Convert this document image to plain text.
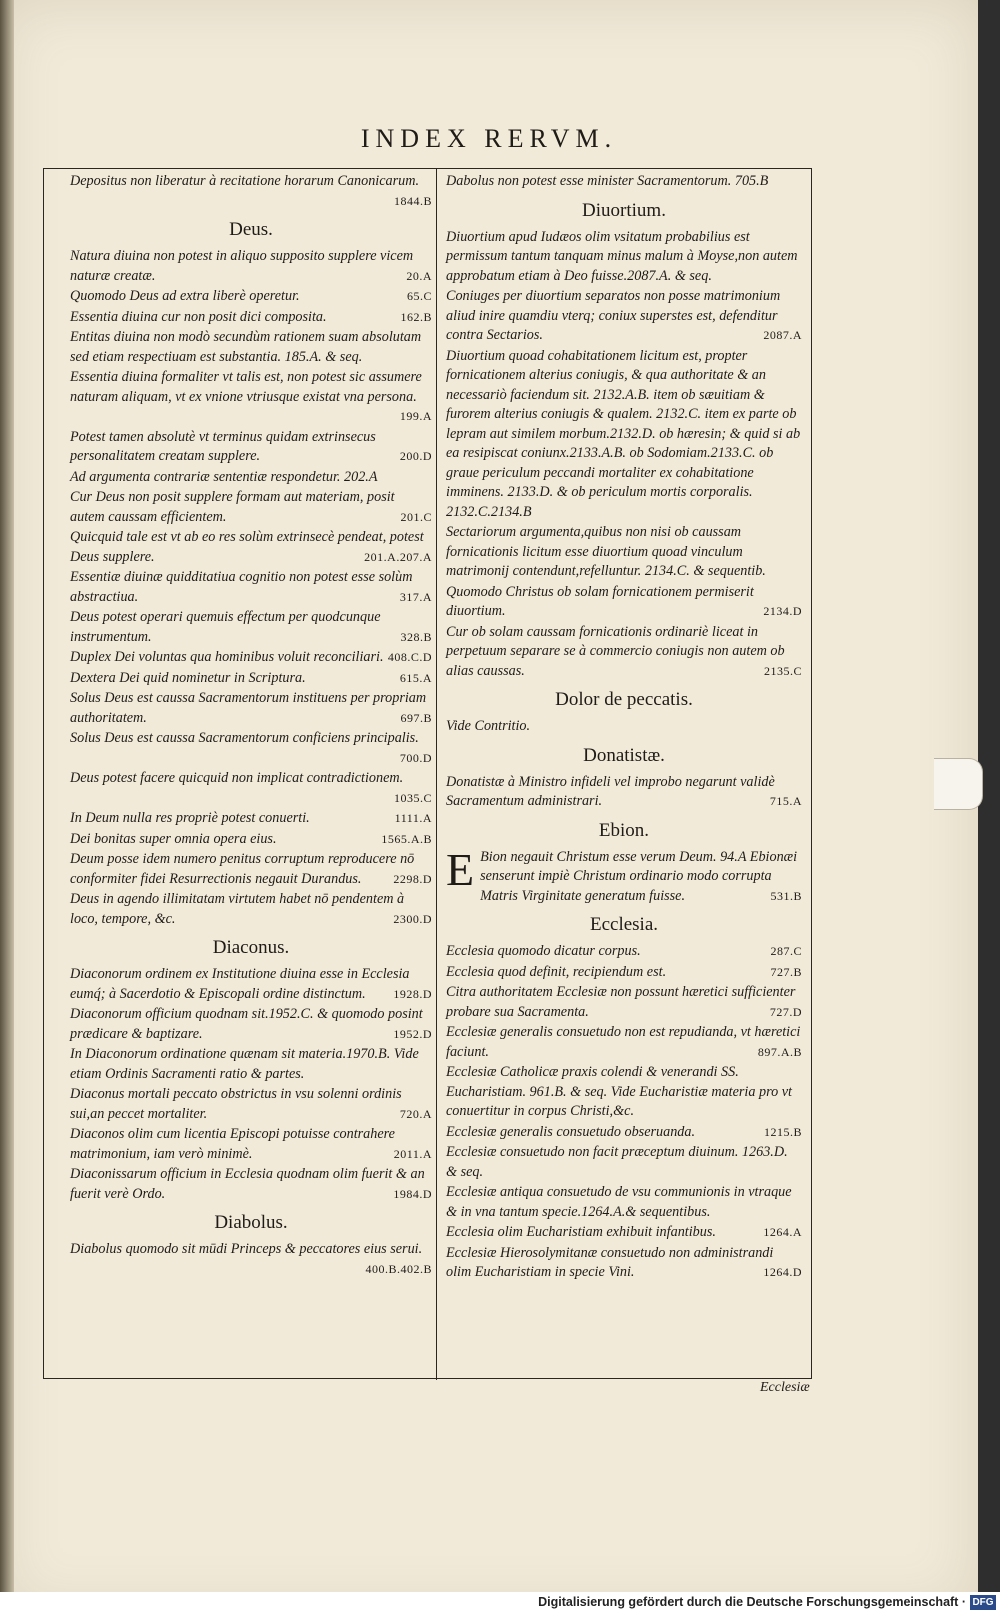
INDEX RERVM.
Depositus non liberatur à recitatione horarum Canonicarum.
1844.B
Deus.
Natura diuina non potest in aliquo supposito supplere vicem naturæ creatæ.	20.A
Quomodo Deus ad extra liberè operetur.	65.C
Essentia diuina cur non posit dici composita.	162.B
Entitas diuina non modò secundùm rationem suam absolutam sed etiam respectiuam est substantia. 185.A. & seq.
Essentia diuina formaliter vt talis est, non potest sic assumere naturam aliquam, vt ex vnione vtriusque existat vna persona.
199.A
Potest tamen absolutè vt terminus quidam extrinsecus personalitatem creatam supplere.	200.D
Ad argumenta contrariæ sententiæ respondetur. 202.A
Cur Deus non posit supplere formam aut materiam, posit autem caussam efficientem.	201.C
Quicquid tale est vt ab eo res solùm extrinsecè pendeat, potest Deus supplere.	201.A.207.A
Essentiæ diuinæ quidditatiua cognitio non potest esse solùm abstractiua.	317.A
Deus potest operari quemuis effectum per quodcunque instrumentum.	328.B
Duplex Dei voluntas qua hominibus voluit reconciliari. 408.C.D
Dextera Dei quid nominetur in Scriptura.	615.A
Solus Deus est caussa Sacramentorum instituens per propriam authoritatem.	697.B
Solus Deus est caussa Sacramentorum conficiens principalis.
700.D
Deus potest facere quicquid non implicat contradictionem.
1035.C
In Deum nulla res propriè potest conuerti.	1111.A
Dei bonitas super omnia opera eius.	1565.A.B
Deum posse idem numero penitus corruptum reproducere nō conformiter fidei Resurrectionis negauit Durandus.	2298.D
Deus in agendo illimitatam virtutem habet nō pendentem à loco, tempore, &c.	2300.D
Diaconus.
Diaconorum ordinem ex Institutione diuina esse in Ecclesia eumq́; à Sacerdotio & Episcopali ordine distinctum. 1928.D
Diaconorum officium quodnam sit.1952.C. & quomodo posint prædicare & baptizare.	1952.D
In Diaconorum ordinatione quænam sit materia.1970.B. Vide etiam Ordinis Sacramenti ratio & partes.
Diaconus mortali peccato obstrictus in vsu solenni ordinis sui,an peccet mortaliter.	720.A
Diaconos olim cum licentia Episcopi potuisse contrahere matrimonium, iam verò minimè.	2011.A
Diaconissarum officium in Ecclesia quodnam olim fuerit & an fuerit verè Ordo.	1984.D
Diabolus.
Diabolus quomodo sit mūdi Princeps & peccatores eius serui.
400.B.402.B
Dabolus non potest esse minister Sacramentorum. 705.B
Diuortium.
Diuortium apud Iudæos olim vsitatum probabilius est permissum tantum tanquam minus malum à Moyse,non autem approbatum etiam à Deo fuisse.2087.A. & seq.
Coniuges per diuortium separatos non posse matrimonium aliud inire quamdiu vterq; coniux superstes est, defenditur contra Sectarios.	2087.A
Diuortium quoad cohabitationem licitum est, propter fornicationem alterius coniugis, & qua authoritate & an necessariò faciendum sit. 2132.A.B. item ob sæuitiam & furorem alterius coniugis & qualem. 2132.C. item ex parte ob lepram aut similem morbum.2132.D. ob hæresin; & quid si ab ea resipiscat coniunx.2133.A.B. ob Sodomiam.2133.C. ob graue periculum peccandi mortaliter ex cohabitatione imminens. 2133.D. & ob periculum mortis corporalis. 2132.C.2134.B
Sectariorum argumenta,quibus non nisi ob caussam fornicationis licitum esse diuortium quoad vinculum matrimonij contendunt,refelluntur. 2134.C. & sequentib.
Quomodo Christus ob solam fornicationem permiserit diuortium.	2134.D
Cur ob solam caussam fornicationis ordinariè liceat in perpetuum separare se à commercio coniugis non autem ob alias caussas.	2135.C
Dolor de peccatis.
Vide Contritio.
Donatistæ.
Donatistæ à Ministro infideli vel improbo negarunt validè Sacramentum administrari.	715.A
Ebion.
E Bion negauit Christum esse verum Deum. 94.A Ebionæi senserunt impiè Christum ordinario modo corrupta Matris Virginitate generatum fuisse.	531.B
Ecclesia.
Ecclesia quomodo dicatur corpus.	287.C
Ecclesia quod definit, recipiendum est.	727.B
Citra authoritatem Ecclesiæ non possunt hæretici sufficienter probare sua Sacramenta.	727.D
Ecclesiæ generalis consuetudo non est repudianda, vt hæretici faciunt.	897.A.B
Ecclesiæ Catholicæ praxis colendi & venerandi SS. Eucharistiam. 961.B. & seq. Vide Eucharistiæ materia pro vt conuertitur in corpus Christi,&c.
Ecclesiæ generalis consuetudo obseruanda.	1215.B
Ecclesiæ consuetudo non facit præceptum diuinum. 1263.D. & seq.
Ecclesiæ antiqua consuetudo de vsu communionis in vtraque & in vna tantum specie.1264.A.& sequentibus.
Ecclesia olim Eucharistiam exhibuit infantibus.	1264.A
Ecclesiæ Hierosolymitanæ consuetudo non administrandi olim Eucharistiam in specie Vini.	1264.D
Ecclesiæ
Digitalisierung gefördert durch die Deutsche Forschungsgemeinschaft · DFG
